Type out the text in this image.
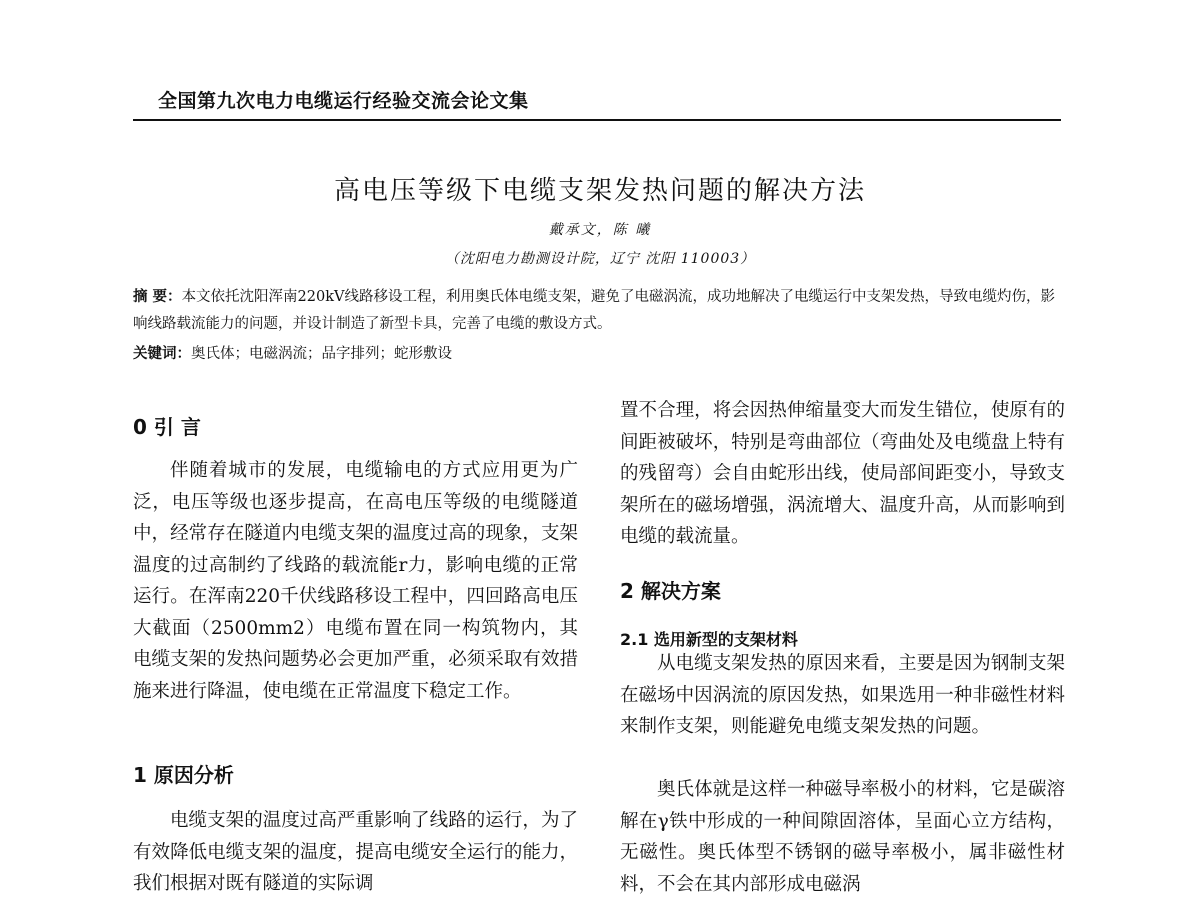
全国第九次电力电缆运行经验交流会论文集
高电压等级下电缆支架发热问题的解决方法
戴承文，陈 曦
（沈阳电力勘测设计院，辽宁 沈阳 110003）
摘 要：本文依托沈阳浑南220kV线路移设工程，利用奥氏体电缆支架，避免了电磁涡流，成功地解决了电缆运行中支架发热，导致电缆灼伤，影响线路载流能力的问题，并设计制造了新型卡具，完善了电缆的敷设方式。
关键词：奥氏体；电磁涡流；品字排列；蛇形敷设
0 引 言

伴随着城市的发展，电缆输电的方式应用更为广泛，电压等级也逐步提高，在高电压等级的电缆隧道中，经常存在隧道内电缆支架的温度过高的现象，支架温度的过高制约了线路的载流能r力，影响电缆的正常运行。在浑南220千伏线路移设工程中，四回路高电压大截面（2500mm2）电缆布置在同一构筑物内，其电缆支架的发热问题势必会更加严重，必须采取有效措施来进行降温，使电缆在正常温度下稳定工作。

1 原因分析

电缆支架的温度过高严重影响了线路的运行，为了有效降低电缆支架的温度，提高电缆安全运行的能力，我们根据对既有隧道的实际调

置不合理，将会因热伸缩量变大而发生错位，使原有的间距被破坏，特别是弯曲部位（弯曲处及电缆盘上特有的残留弯）会自由蛇形出线，使局部间距变小，导致支架所在的磁场增强，涡流增大、温度升高，从而影响到电缆的载流量。

2 解决方案
2.1 选用新型的支架材料

从电缆支架发热的原因来看，主要是因为钢制支架在磁场中因涡流的原因发热，如果选用一种非磁性材料来制作支架，则能避免电缆支架发热的问题。

奥氏体就是这样一种磁导率极小的材料，它是碳溶解在γ铁中形成的一种间隙固溶体，呈面心立方结构，无磁性。奥氏体型不锈钢的磁导率极小，属非磁性材料，不会在其内部形成电磁涡
